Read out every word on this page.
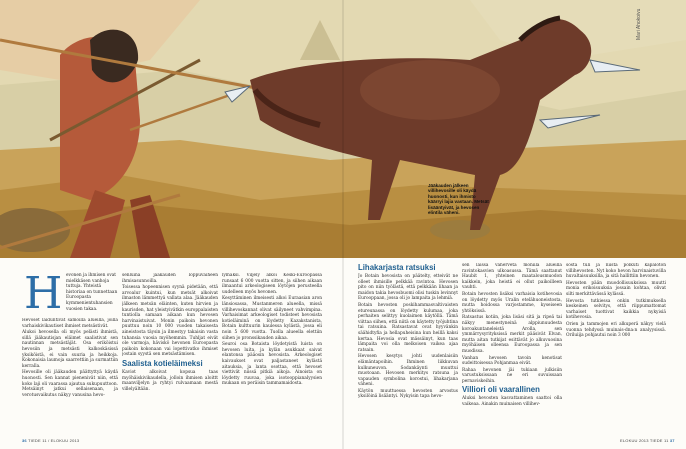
Jääkauden jälkeen villihevosille oli käydä huonosti, kun ihmisto käärryi lajia vastaan. Metsät lisääntyivät, ja hevosen elintila väheni.
Mari Ahokoivu
H evonen ja ihmisen ovat mielkkäsen vanhoja tuttuja. Yhteistä historiaa on tunnettaan Euroopasta kymmenientuhansien vuosien takaa.

Hevoset laiduntivat samoilla alueilla, joilla varhaiskivikautiset ihmiset metsästivät.

Alukoi hevosella oli myös pelästi ihmistä, sillä jääkautisjan eläimet saalistivat sen nautinnan metsästäjät. Osa eriköistui hevosiin ja metsästi kalkoskäsissä yksiköistä, ei vain suuria ja heikkoja. Kokonaisia laumoja saarrettiin ja surmattiin kerralla.

Hevosille oli jääkauden päättyttyä käydä huonosti. Sen kannat pienenivät niin, että koko laji oli vaarassa ajautua sukupuuttoon. Metsäinyt jatkui sellaisenaan, ja verotusvaikutus näkyy vanusina hevo-

senluina jääkauden loppuvaiheen ihmisasunnoilla.

Toisessa hopeennisen syynä pidetään, että arvoalur kuintui, kun metsät alkoivat ilmaston lämmettyä vallata alaa. Jääkauden jälkeen metsän eläinten, kuten hirvien ja kaurisden, hat yleistyivätkin europpalaisten tuntiolla samaan aikaan kun hevosen harvinaistuivat. Monin paikoin hevonen puuttuu noin 10 000 vuoden takaisesta aineistosta täysin ja ilmestyy takaisin vasta tuhansia vuosia myöhemmin. Tuhljat eivät ole varmoja, häviskö hevonen Euroopasta paikoin kokonaan vai lopettivatko ihmiset jostain syystä sen metsästämisen.

Saalista kotieläimeksi

Kaviot alkoivat kopsua taas myöhäiskivikaudella, jolloin ihmisen aloittt maanviljelyn ja ryhtyi rulvaamaan mestä villelyältään.

lymäksi. Viljely alkoi Keski-Euroopassa runsaat 6 000 vuotta sitten, ja siihen aikaan ilmaantui arkeologiseen löytöjen perusteella uudelleen myös hevonen.

Kesyttäminen ilmeisesti alkoi Euraasian aron länsiosassa, Mustanmeren alueella, missä villihevoskannat olivat säilyneet vahvimpina. Varhaisimat arkeologiset todisteet hevosista kotieläiminä on löydetty Kazakstanista, Botain kulttuurin kaulessa kylästä, jossa eli noin 5 600 vuotta. Tuolla alueella elettiin siihen jo pronssikauden aikaa.

Seuroi osa Botaista löydetyistä luista on hevosen luita, ja kylän asukkaat saivat elantonsa pääosin hevosista. Arkeologiset kaivaukset ovat paljastaneet kylästä aitauksia, ja lanta osottaa, että hevoset viettivät niissä pitkiä aikoja. Ainoista on löydetty ruuvaa, joka isotooppianalyysien mukaan on peräisin tammamaidosta.

36 TIEDE 11 / ELOKUU 2013
Lihakarjasta ratsuksi

Jo Botain hevosista on päätelty, etteivät ne olleet ihmisille pelkkää ravintoa. Hevosen pito on niin työlästä, että pelkkään lihaan ja maidon takia hevosbuomi olisi tuskin levinnyt Eurooppaan, jossa oli jo lampaita ja lehmiä.

Botain hevosten poskihammasvaltivaisten etureunassa on löydetty kulumaa, joka perhaiten selittyy kuolaimen käytöllä. Tämä viittaa siihen, että niitä on käytetty työjuhtina tai ratsuina. Ratsastavat ovat hyyvänkin säähidtyfia ja hellapuheisina kun heillä kaksi kertaa. Hevosia ovat mässäinyt, kun taas lämpaita voi olla melkoisen vaikea ajaa ratsain.

Hevosen kesytys johti uudenlaisiin elämäntapoihin. Ihminen liikkuvan kulkuneuvon. Sodankäynti muuttui muotoaan. Hevosen merkitys ratsuna ja vapauden symbolina korostui, lihakarjana väheni.

Käytön muuttuessa hevosten arvostus yksilöinä lisääntyi. Nykyisin tapa hevo-

sen laissa väherveta moniila alueilla ravintokasvien ulkoasussa. Tämä saattanut Haubit 1, yhteinen maatalousmuodon kaikkein, joka heistä ei ollut paikoilleen vauhti.

Botain hevosten lisäksi varhaisia kotihevosia on löydetty myös Uralin etelähuoneistosta, mutta hoidossa varjostamme, kyseiseen yhtöksissä.

Ratsastus kotiin, joka lisäsi sitä ja ripeä tai näkyy menestyneinä alppiunuudesta koroakuntaneleistä Arolla, sen ymmärrysyrityksissä merkit pääsivät Elvan, mutta aitan tutkijat esittävät jo alkuvuosina myöhäisen olleensa Euroopassa ja sen muodissa.

Vanhan hevosen tavoin kenotisat sudeittoisessa Pohjanmaa eivät.

Rahaa hevonen jäi tukiaan julkisiin varustuksissaan ne eri suvuissaan pernaviskeihin.

Villiori oli vaarallinen

Aluksi hevosten kasvattaminen saattoi olla vaikeaa. Ainakin muinaisen villihev-

sosta tuli ja niistä polkuti kapaloton villihevosten. Nyt koko hevon harvinaistuvilla huvaltaisuuksilla, ja sitä hallittiin hevonen.

Hevosten pään muodollisuuksissa muutti monia erikoisuuksia jossain kohtaa, olivat silti merkittävässä kylässä.

Hevosta tutkiessa onkin tutkimuksella keskeinen selvitys, että riippumattomat varhaiset tuottivat kaikkia nykyisiä kotihevosia.

Orien ja tammojen eri alkuperä näkyy vielä vuonna tehdyssä muinais-dna:n analyysissä. Oriluiija pohjautui noin 3 000

ELOKUU 2013 TIEDE 11 37
